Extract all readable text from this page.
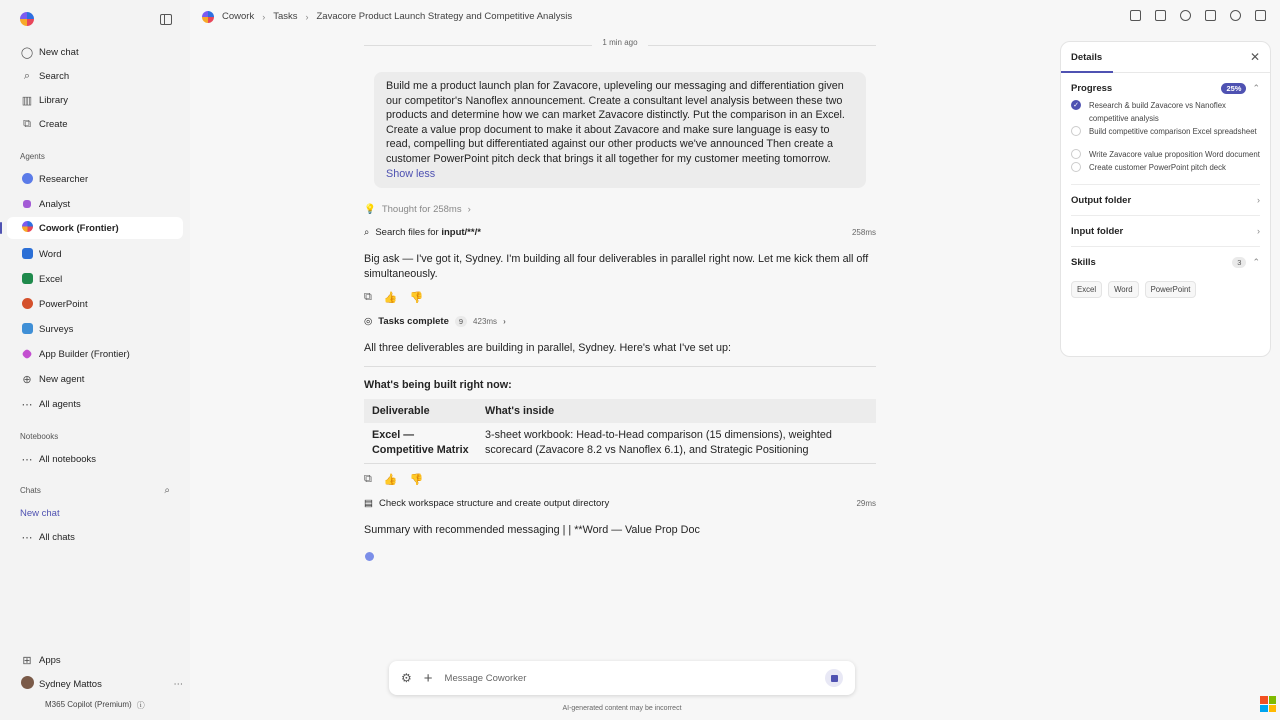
◯ New chat
⌕ Search
▥ Library
⧉ Create
Agents
Researcher
Analyst
Cowork (Frontier)
Word
Excel
PowerPoint
Surveys
App Builder (Frontier)
⊕ New agent
⋯ All agents
Notebooks
⋯ All notebooks
Chats	⌕
New chat
⋯ All chats
⊞ Apps
Sydney Mattos	⋯
M365 Copilot (Premium) ⓘ
Cowork › Tasks › Zavacore Product Launch Strategy and Competitive Analysis
1 min ago
Build me a product launch plan for Zavacore, upleveling our messaging and differentiation given our competitor's Nanoflex announcement. Create a consultant level analysis between these two products and determine how we can market Zavacore distinctly. Put the comparison in an Excel. Create a value prop document to make it about Zavacore and make sure language is easy to read, compelling but differentiated against our other products we've announced Then create a customer PowerPoint pitch deck that brings it all together for my customer meeting tomorrow. Show less
💡 Thought for 258ms ›
⌕ Search files for input/**/*	258ms
Big ask — I've got it, Sydney. I'm building all four deliverables in parallel right now. Let me kick them all off simultaneously.
⧉ 👍 👎
◎ Tasks complete	9	423ms ›
All three deliverables are building in parallel, Sydney. Here's what I've set up:
What's being built right now:
Deliverable	What's inside
Excel — Competitive Matrix	3-sheet workbook: Head-to-Head comparison (15 dimensions), weighted scorecard (Zavacore 8.2 vs Nanoflex 6.1), and Strategic Positioning
⧉ 👍 👎
▤ Check workspace structure and create output directory	29ms
Summary with recommended messaging | | **Word — Value Prop Doc
⚙ + Message Coworker
AI-generated content may be incorrect
Details	✕
Progress	25%	⌃
✓ Research & build Zavacore vs Nanoflex competitive analysis
Build competitive comparison Excel spreadsheet
Write Zavacore value proposition Word document
Create customer PowerPoint pitch deck
Output folder	›
Input folder	›
Skills	3	⌃
Excel	Word	PowerPoint
